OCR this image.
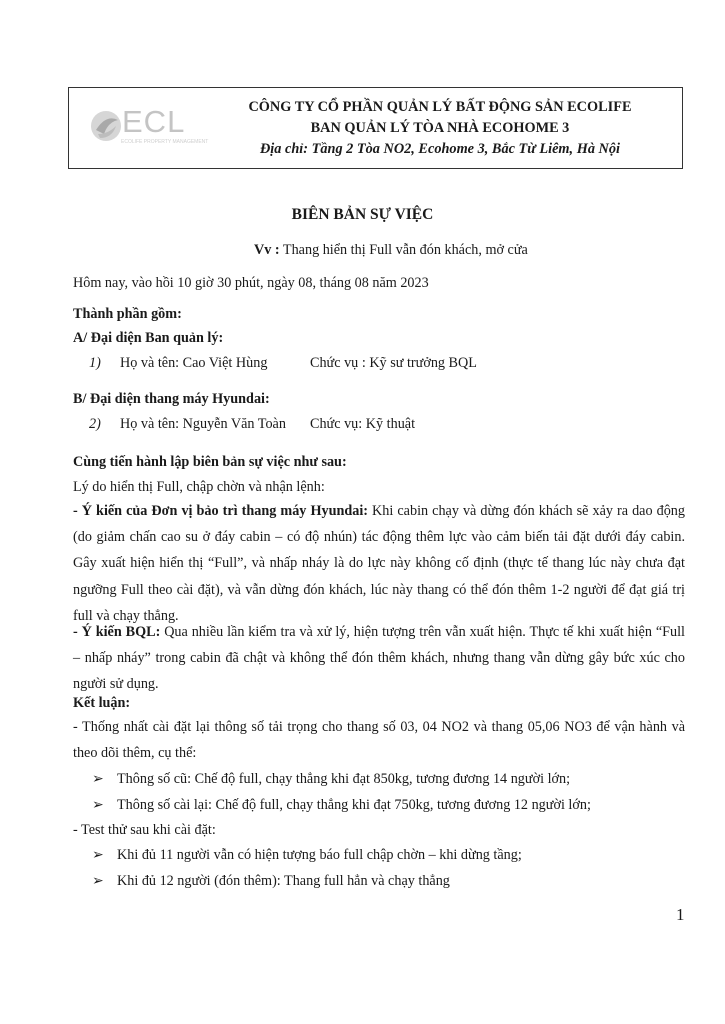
ECL
ECOLIFE PROPERTY MANAGEMENT
CÔNG TY CỔ PHẦN QUẢN LÝ BẤT ĐỘNG SẢN ECOLIFE
BAN QUẢN LÝ TÒA NHÀ ECOHOME 3
Địa chỉ: Tầng 2 Tòa NO2, Ecohome 3, Bắc Từ Liêm, Hà Nội
BIÊN BẢN SỰ VIỆC
Vv : Thang hiển thị Full vẫn đón khách, mở cửa
Hôm nay, vào hồi 10 giờ 30 phút, ngày 08, tháng 08 năm 2023
Thành phần gồm:
A/ Đại diện Ban quản lý:
1) Họ và tên: Cao Việt Hùng	Chức vụ : Kỹ sư trưởng BQL
B/ Đại diện thang máy Hyundai:
2) Họ và tên: Nguyễn Văn Toàn Chức vụ: Kỹ thuật
Cùng tiến hành lập biên bản sự việc như sau:
Lý do hiển thị Full, chập chờn và nhận lệnh:
- Ý kiến của Đơn vị bảo trì thang máy Hyundai: Khi cabin chạy và dừng đón khách sẽ xảy ra dao động (do giảm chấn cao su ở đáy cabin – có độ nhún) tác động thêm lực vào cảm biến tải đặt dưới đáy cabin. Gây xuất hiện hiển thị “Full”, và nhấp nháy là do lực này không cố định (thực tế thang lúc này chưa đạt ngưỡng Full theo cài đặt), và vẫn dừng đón khách, lúc này thang có thể đón thêm 1-2 người để đạt giá trị full và chạy thẳng.
- Ý kiến BQL: Qua nhiều lần kiểm tra và xử lý, hiện tượng trên vẫn xuất hiện. Thực tế khi xuất hiện “Full – nhấp nháy” trong cabin đã chật và không thể đón thêm khách, nhưng thang vẫn dừng gây bức xúc cho người sử dụng.
Kết luận:
- Thống nhất cài đặt lại thông số tải trọng cho thang số 03, 04 NO2 và thang 05,06 NO3 để vận hành và theo dõi thêm, cụ thể:
➢ Thông số cũ: Chế độ full, chạy thẳng khi đạt 850kg, tương đương 14 người lớn;
➢ Thông số cài lại: Chế độ full, chạy thẳng khi đạt 750kg, tương đương 12 người lớn;
- Test thử sau khi cài đặt:
➢ Khi đủ 11 người vẫn có hiện tượng báo full chập chờn – khi dừng tầng;
➢ Khi đủ 12 người (đón thêm): Thang full hẳn và chạy thẳng
1
